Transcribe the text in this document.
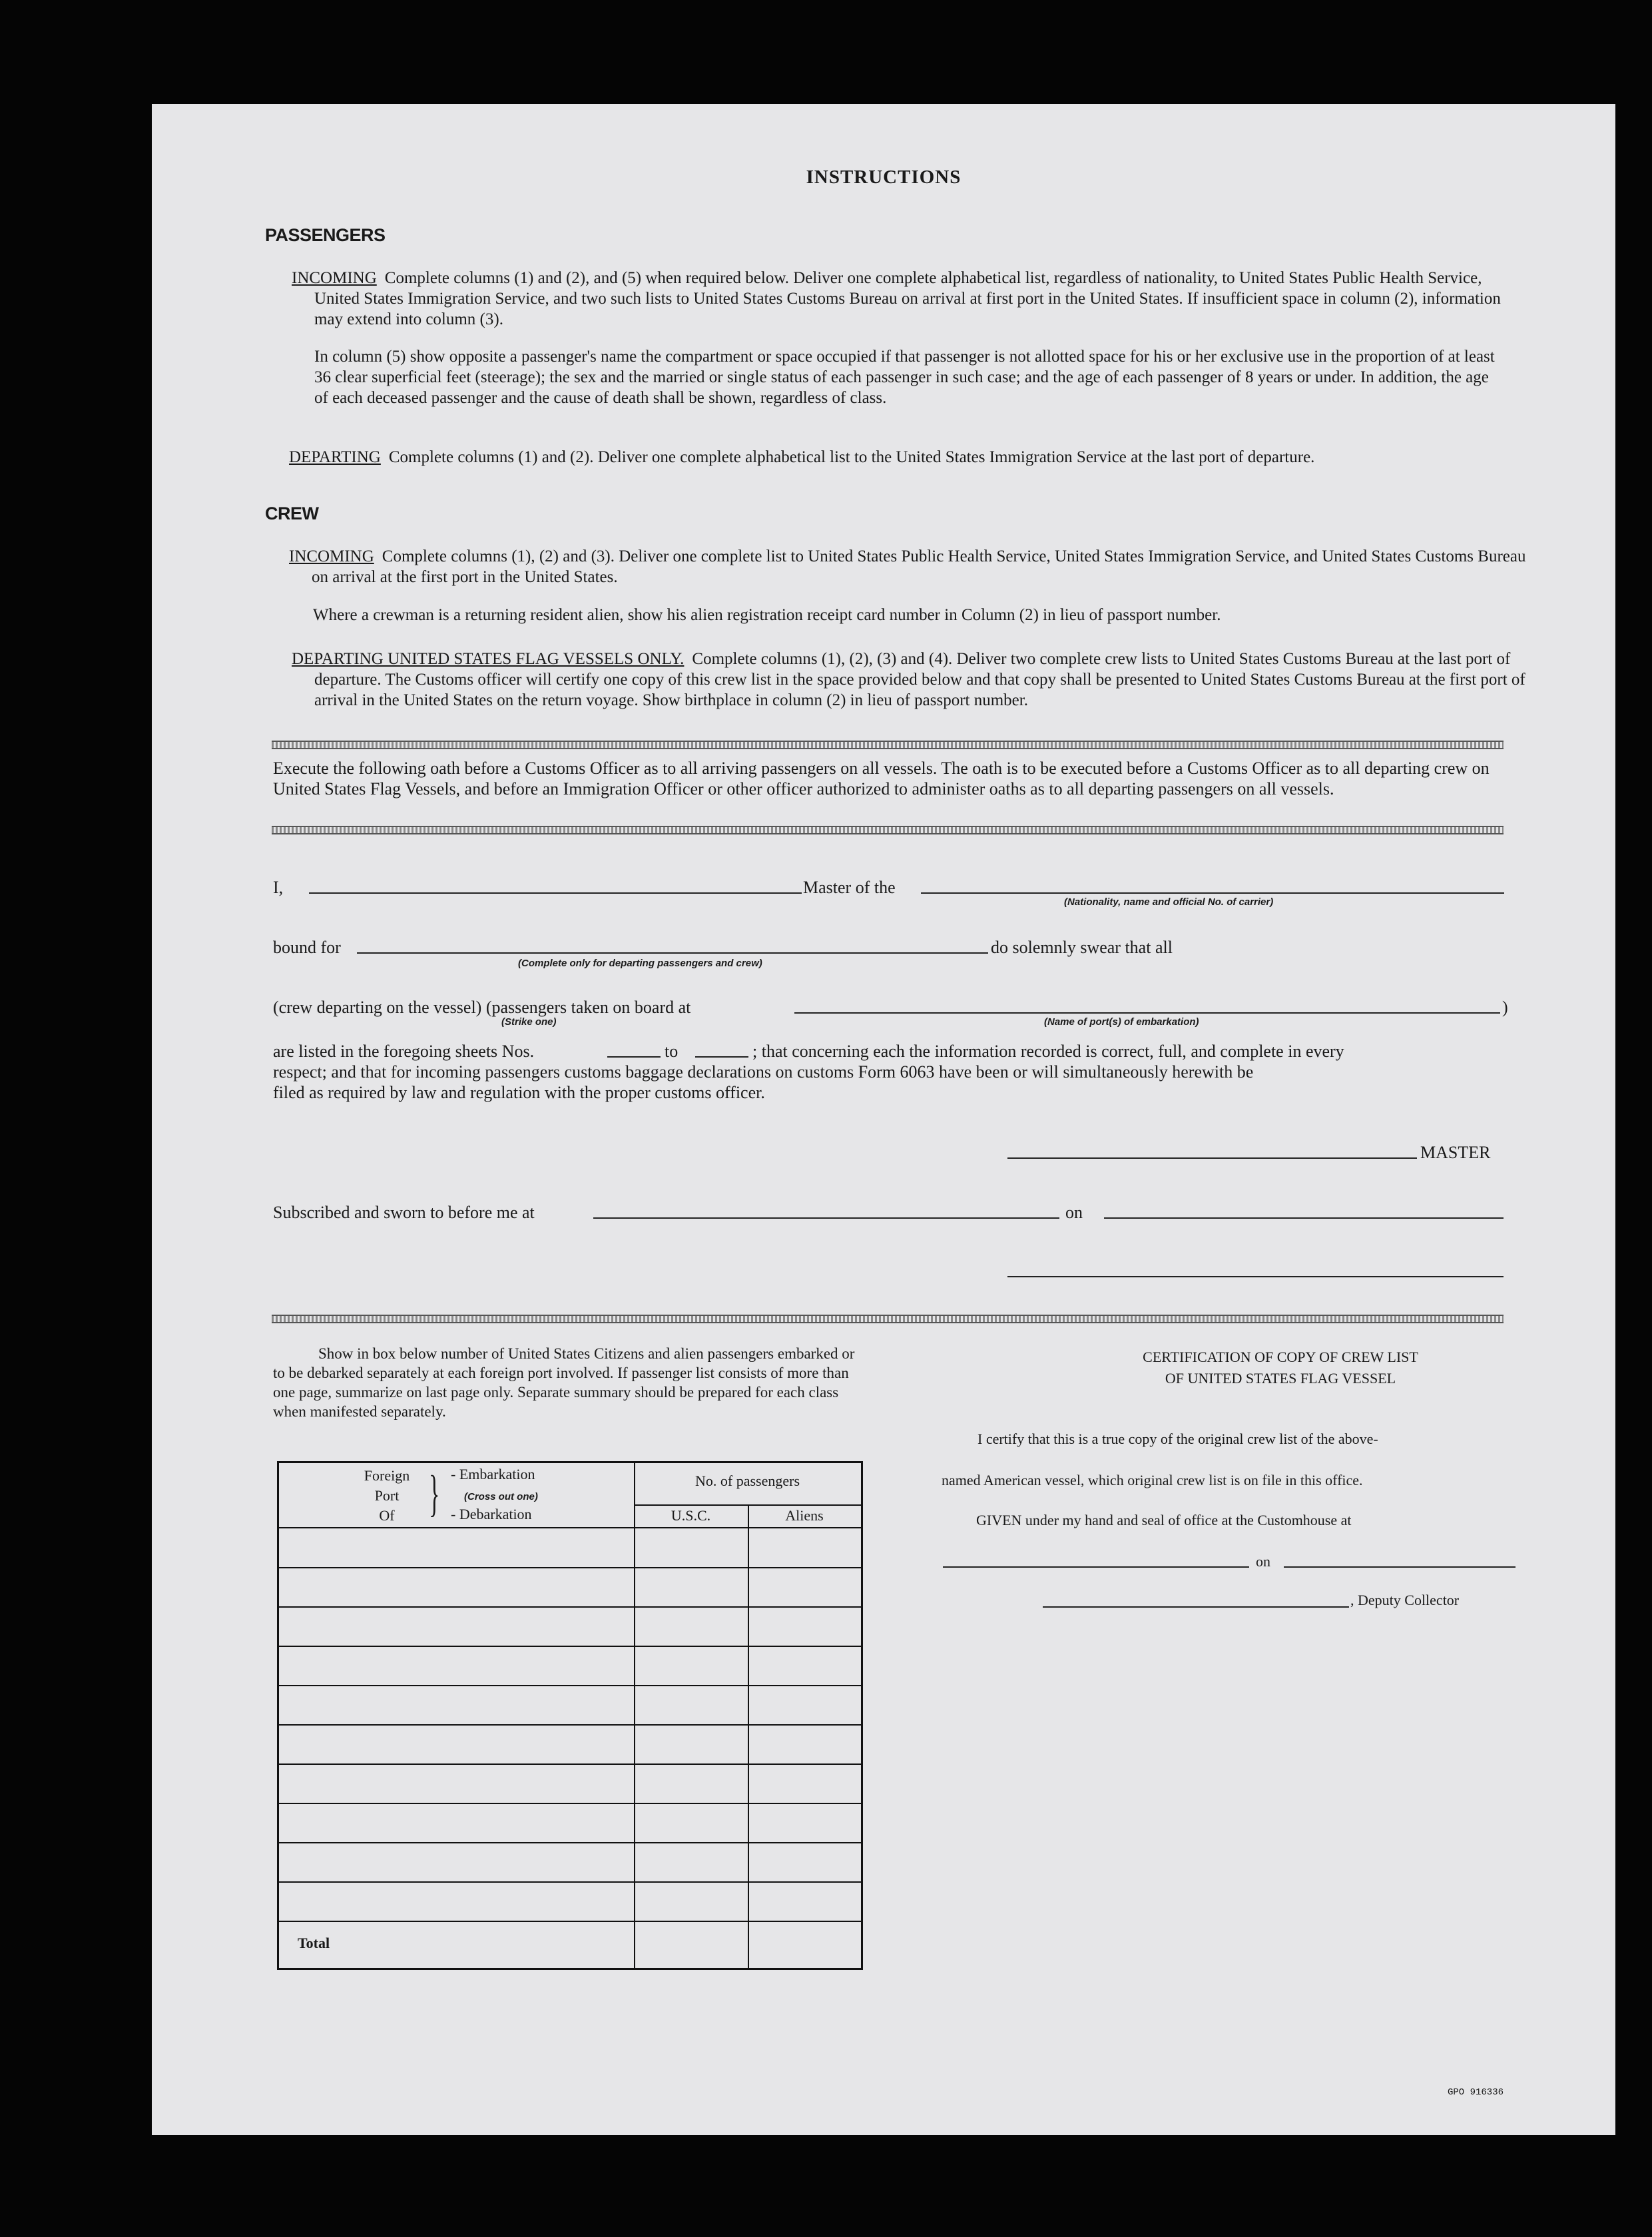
INSTRUCTIONS
PASSENGERS
INCOMING Complete columns (1) and (2), and (5) when required below. Deliver one complete alphabetical list, regardless of nationality, to United States Public Health Service, United States Immigration Service, and two such lists to United States Customs Bureau on arrival at first port in the United States. If insufficient space in column (2), information may extend into column (3).
In column (5) show opposite a passenger's name the compartment or space occupied if that passenger is not allotted space for his or her exclusive use in the proportion of at least 36 clear superficial feet (steerage); the sex and the married or single status of each passenger in such case; and the age of each passenger of 8 years or under. In addition, the age of each deceased passenger and the cause of death shall be shown, regardless of class.
DEPARTING Complete columns (1) and (2). Deliver one complete alphabetical list to the United States Immigration Service at the last port of departure.
CREW
INCOMING Complete columns (1), (2) and (3). Deliver one complete list to United States Public Health Service, United States Immigration Service, and United States Customs Bureau on arrival at the first port in the United States.
Where a crewman is a returning resident alien, show his alien registration receipt card number in Column (2) in lieu of passport number.
DEPARTING UNITED STATES FLAG VESSELS ONLY. Complete columns (1), (2), (3) and (4). Deliver two complete crew lists to United States Customs Bureau at the last port of departure. The Customs officer will certify one copy of this crew list in the space provided below and that copy shall be presented to United States Customs Bureau at the first port of arrival in the United States on the return voyage. Show birthplace in column (2) in lieu of passport number.
Execute the following oath before a Customs Officer as to all arriving passengers on all vessels. The oath is to be executed before a Customs Officer as to all departing crew on United States Flag Vessels, and before an Immigration Officer or other officer authorized to administer oaths as to all departing passengers on all vessels.
I,	Master of the
(Nationality, name and official No. of carrier)
bound for
(Complete only for departing passengers and crew)
do solemnly swear that all
(crew departing on the vessel) (passengers taken on board at	)
(Strike one)	(Name of port(s) of embarkation)
are listed in the foregoing sheets Nos.	to	; that concerning each the information recorded is correct, full, and complete in every
respect; and that for incoming passengers customs baggage declarations on customs Form 6063 have been or will simultaneously herewith be
filed as required by law and regulation with the proper customs officer.
MASTER
Subscribed and sworn to before me at	on
Show in box below number of United States Citizens and alien passengers embarked or to be debarked separately at each foreign port involved. If passenger list consists of more than one page, summarize on last page only. Separate summary should be prepared for each class when manifested separately.
Foreign
Port
Of } - Embarkation
(Cross out one)
- Debarkation
No. of passengers
U.S.C.	Aliens
Total
CERTIFICATION OF COPY OF CREW LIST
OF UNITED STATES FLAG VESSEL
I certify that this is a true copy of the original crew list of the above-
named American vessel, which original crew list is on file in this office.
GIVEN under my hand and seal of office at the Customhouse at
on
, Deputy Collector
GPO 916336
